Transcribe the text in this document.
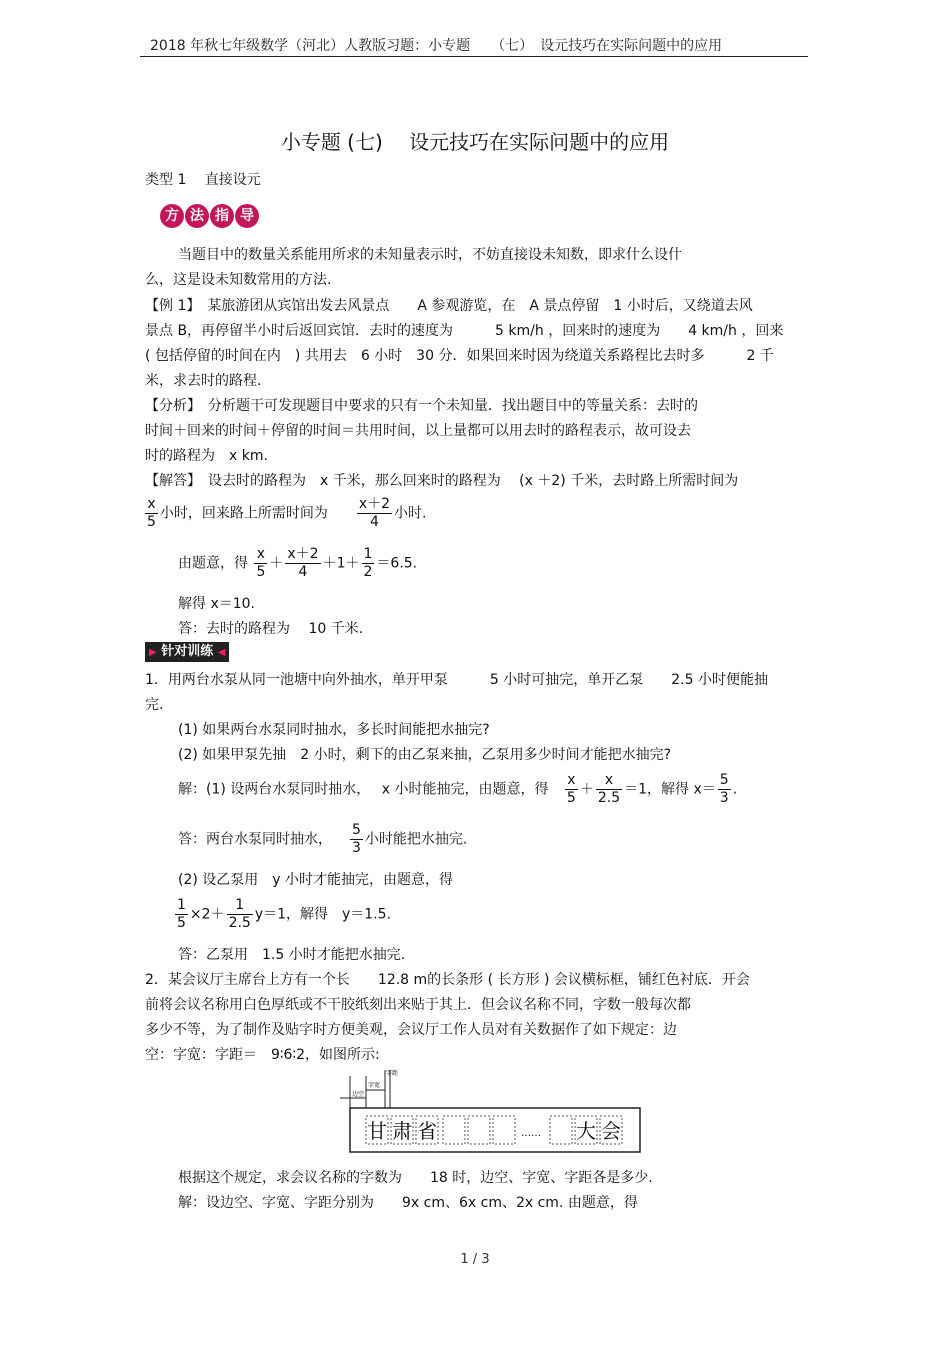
2018 年秋七年级数学（河北）人教版习题：小专题　　（七）　设元技巧在实际问题中的应用
小专题 (七)　 设元技巧在实际问题中的应用
类型 1　 直接设元
方 法 指 导
当题目中的数量关系能用所求的未知量表示时，不妨直接设未知数，即求什么设什
么，这是设未知数常用的方法.
【例 1】　某旅游团从宾馆出发去风景点　　A 参观游览，在　A 景点停留　1 小时后，又绕道去风
景点 B，再停留半小时后返回宾馆．去时的速度为　　　5 km/h ，回来时的速度为　　4 km/h ，回来
( 包括停留的时间在内　) 共用去　6 小时　30 分．如果回来时因为绕道关系路程比去时多　　　2 千
米，求去时的路程．
【分析】　分析题干可发现题目中要求的只有一个未知量．找出题目中的等量关系：去时的
时间＋回来的时间＋停留的时间＝共用时间，以上量都可以用去时的路程表示，故可设去
时的路程为　x km.
【解答】　设去时的路程为　x 千米，那么回来时的路程为　 (x ＋2) 千米，去时路上所需时间为
$\frac{x}{5}$ 小时，回来路上所需时间为 $\frac{x+2}{4}$ 小时.
由题意，得 $\frac{x}{5} + \frac{x+2}{4} +1+ \frac{1}{2} =6.5$.
解得 x＝10.
答：去时的路程为　 10 千米.
▶ 针对训练 ◀
1．用两台水泵从同一池塘中向外抽水，单开甲泵　　　5 小时可抽完，单开乙泵　　2.5 小时便能抽
完.
(1) 如果两台水泵同时抽水，多长时间能把水抽完?
(2) 如果甲泵先抽　2 小时，剩下的由乙泵来抽，乙泵用多少时间才能把水抽完?
解：(1) 设两台水泵同时抽水，　 x 小时能抽完，由题意，得 $\frac{x}{5} + \frac{x}{2.5} =1$，解得 $x= \frac{5}{3}$ .
答：两台水泵同时抽水， $\frac{5}{3}$ 小时能把水抽完.
(2) 设乙泵用　y 小时才能抽完，由题意，得
$\frac{1}{5} \times 2+ \frac{1}{2.5} y=1$，解得　y＝1.5.
答：乙泵用　1.5 小时才能把水抽完.
2．某会议厅主席台上方有一个长　　12.8 m的长条形 ( 长方形 ) 会议横标框，铺红色衬底．开会
前将会议名称用白色厚纸或不干胶纸刻出来贴于其上．但会议名称不同，字数一般每次都
多少不等，为了制作及贴字时方便美观，会议厅工作人员对有关数据作了如下规定：边
空：字宽：字距＝　9∶6∶2，如图所示:
边空
字宽
字距
甘 肃 省	…… 大 会
根据这个规定，求会议名称的字数为　　18 时，边空、字宽、字距各是多少.
解：设边空、字宽、字距分别为　　9x cm、6x cm、2x cm. 由题意，得
1 / 3
